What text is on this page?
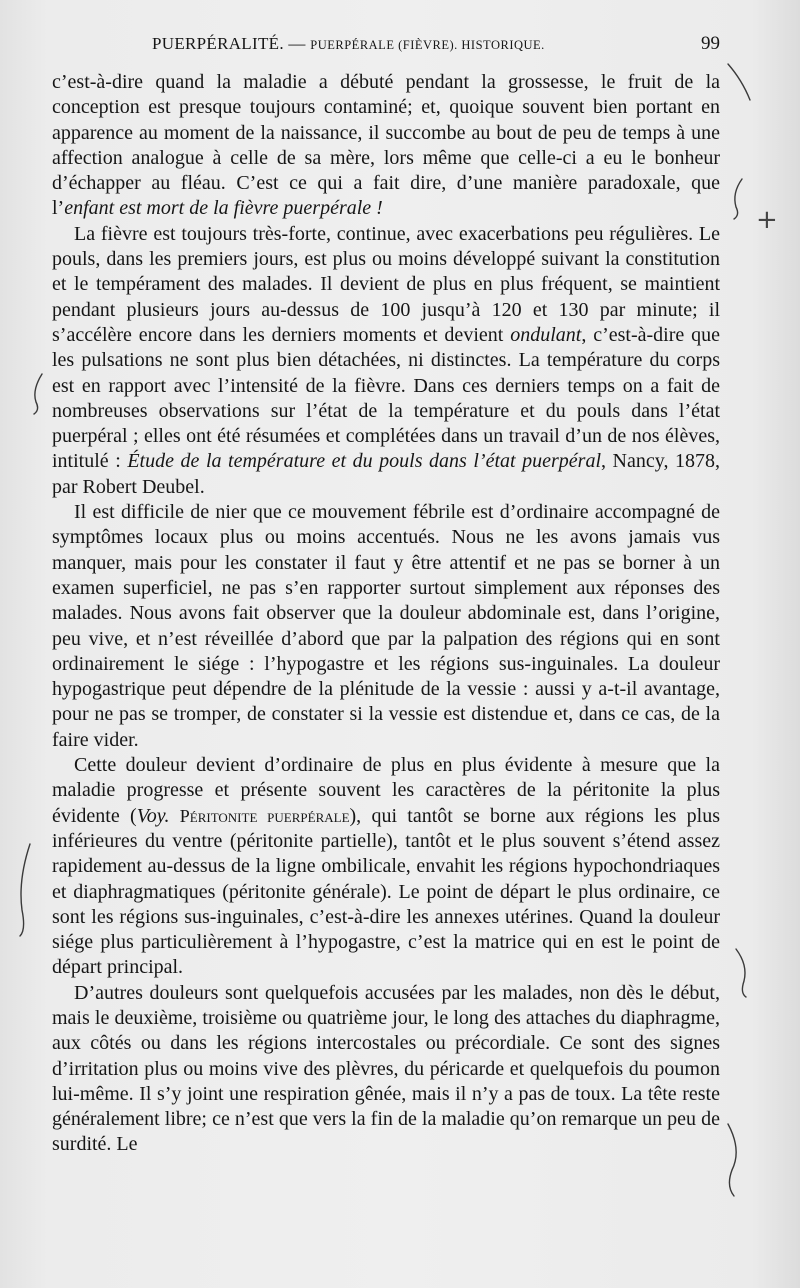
PUERPÉRALITÉ. — PUERPÉRALE (FIÈVRE). HISTORIQUE.	99

c’est-à-dire quand la maladie a débuté pendant la grossesse, le fruit de la conception est presque toujours contaminé; et, quoique souvent bien portant en apparence au moment de la naissance, il succombe au bout de peu de temps à une affection analogue à celle de sa mère, lors même que celle-ci a eu le bonheur d’échapper au fléau. C’est ce qui a fait dire, d’une manière paradoxale, que l’enfant est mort de la fièvre puerpérale !

La fièvre est toujours très-forte, continue, avec exacerbations peu régulières. Le pouls, dans les premiers jours, est plus ou moins développé suivant la constitution et le tempérament des malades. Il devient de plus en plus fréquent, se maintient pendant plusieurs jours au-dessus de 100 jusqu’à 120 et 130 par minute; il s’accélère encore dans les derniers moments et devient ondulant, c’est-à-dire que les pulsations ne sont plus bien détachées, ni distinctes. La température du corps est en rapport avec l’intensité de la fièvre. Dans ces derniers temps on a fait de nombreuses observations sur l’état de la température et du pouls dans l’état puerpéral ; elles ont été résumées et complétées dans un travail d’un de nos élèves, intitulé : Étude de la température et du pouls dans l’état puerpéral, Nancy, 1878, par Robert Deubel.

Il est difficile de nier que ce mouvement fébrile est d’ordinaire accompagné de symptômes locaux plus ou moins accentués. Nous ne les avons jamais vus manquer, mais pour les constater il faut y être attentif et ne pas se borner à un examen superficiel, ne pas s’en rapporter surtout simplement aux réponses des malades. Nous avons fait observer que la douleur abdominale est, dans l’origine, peu vive, et n’est réveillée d’abord que par la palpation des régions qui en sont ordinairement le siége : l’hypogastre et les régions sus-inguinales. La douleur hypogastrique peut dépendre de la plénitude de la vessie : aussi y a-t-il avantage, pour ne pas se tromper, de constater si la vessie est distendue et, dans ce cas, de la faire vider.

Cette douleur devient d’ordinaire de plus en plus évidente à mesure que la maladie progresse et présente souvent les caractères de la péritonite la plus évidente (Voy. Péritonite puerpérale), qui tantôt se borne aux régions les plus inférieures du ventre (péritonite partielle), tantôt et le plus souvent s’étend assez rapidement au-dessus de la ligne ombilicale, envahit les régions hypochondriaques et diaphragmatiques (péritonite générale). Le point de départ le plus ordinaire, ce sont les régions sus-inguinales, c’est-à-dire les annexes utérines. Quand la douleur siége plus particulièrement à l’hypogastre, c’est la matrice qui en est le point de départ principal.

D’autres douleurs sont quelquefois accusées par les malades, non dès le début, mais le deuxième, troisième ou quatrième jour, le long des attaches du diaphragme, aux côtés ou dans les régions intercostales ou précordiale. Ce sont des signes d’irritation plus ou moins vive des plèvres, du péricarde et quelquefois du poumon lui-même. Il s’y joint une respiration gênée, mais il n’y a pas de toux. La tête reste généralement libre; ce n’est que vers la fin de la maladie qu’on remarque un peu de surdité. Le

+
